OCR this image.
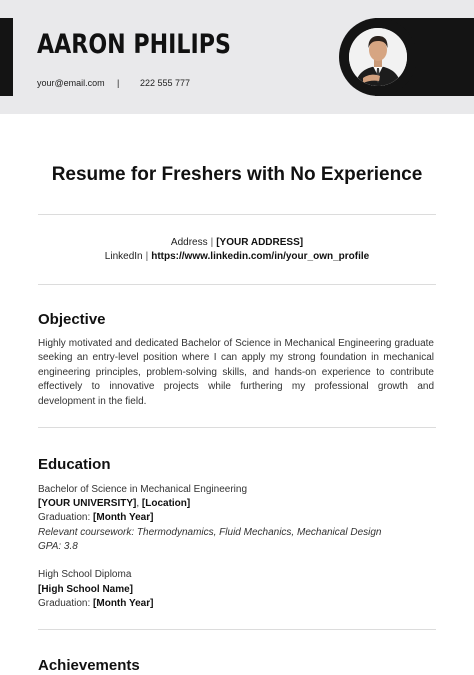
AARON PHILIPS
your@email.com | 222 555 777
Resume for Freshers with No Experience
Address | [YOUR ADDRESS]
LinkedIn | https://www.linkedin.com/in/your_own_profile
Objective

Highly motivated and dedicated Bachelor of Science in Mechanical Engineering graduate seeking an entry-level position where I can apply my strong foundation in mechanical engineering principles, problem-solving skills, and hands-on experience to contribute effectively to innovative projects while furthering my professional growth and development in the field.

Education
Bachelor of Science in Mechanical Engineering
[YOUR UNIVERSITY], [Location]
Graduation: [Month Year]
Relevant coursework: Thermodynamics, Fluid Mechanics, Mechanical Design
GPA: 3.8
High School Diploma
[High School Name]
Graduation: [Month Year]
Achievements
